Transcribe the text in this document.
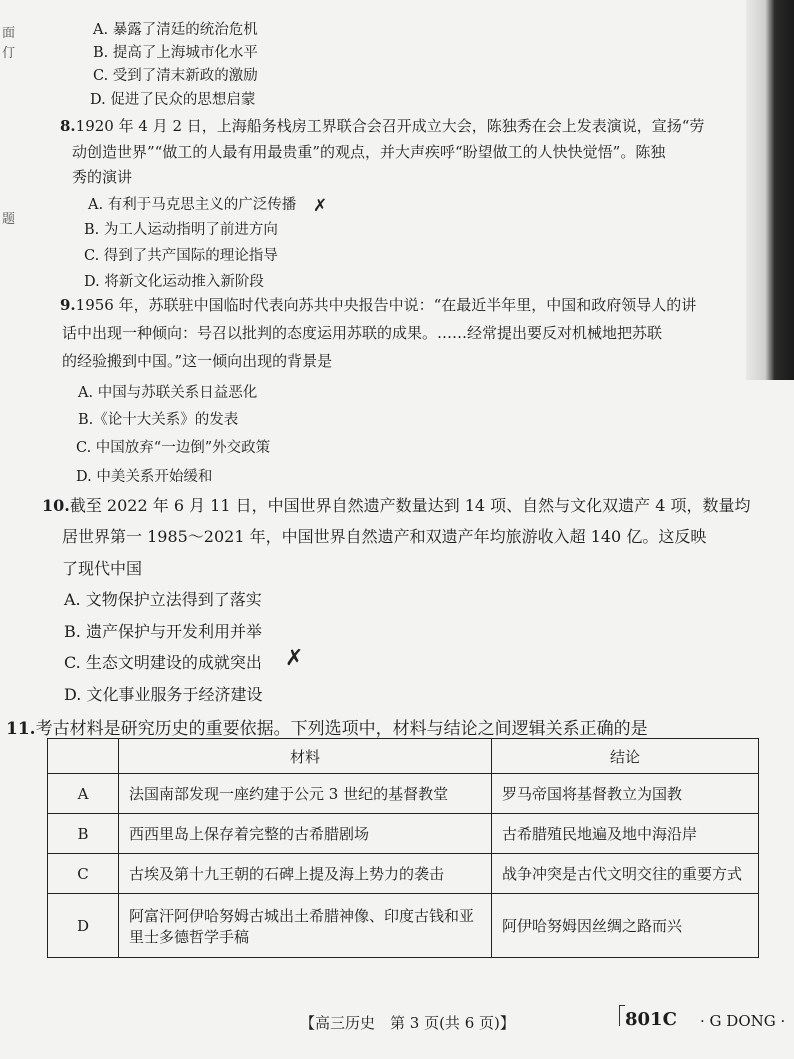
面
仃
题
A. 暴露了清廷的统治危机
B. 提高了上海城市化水平
C. 受到了清末新政的激励
D. 促进了民众的思想启蒙
8.1920 年 4 月 2 日，上海船务栈房工界联合会召开成立大会，陈独秀在会上发表演说，宣扬“劳
动创造世界”“做工的人最有用最贵重”的观点，并大声疾呼“盼望做工的人快快觉悟”。陈独
秀的演讲
A. 有利于马克思主义的广泛传播
B. 为工人运动指明了前进方向
C. 得到了共产国际的理论指导
D. 将新文化运动推入新阶段
9.1956 年，苏联驻中国临时代表向苏共中央报告中说：“在最近半年里，中国和政府领导人的讲
话中出现一种倾向：号召以批判的态度运用苏联的成果。……经常提出要反对机械地把苏联
的经验搬到中国。”这一倾向出现的背景是
A. 中国与苏联关系日益恶化
B.《论十大关系》的发表
C. 中国放弃“一边倒”外交政策
D. 中美关系开始缓和
10.截至 2022 年 6 月 11 日，中国世界自然遗产数量达到 14 项、自然与文化双遗产 4 项，数量均
居世界第一 1985～2021 年，中国世界自然遗产和双遗产年均旅游收入超 140 亿。这反映
了现代中国
A. 文物保护立法得到了落实
B. 遗产保护与开发利用并举
C. 生态文明建设的成就突出
D. 文化事业服务于经济建设
✗
✗
11.考古材料是研究历史的重要依据。下列选项中，材料与结论之间逻辑关系正确的是
	材料	结论
A	法国南部发现一座约建于公元 3 世纪的基督教堂	罗马帝国将基督教立为国教
B	西西里岛上保存着完整的古希腊剧场	古希腊殖民地遍及地中海沿岸
C	古埃及第十九王朝的石碑上提及海上势力的袭击	战争冲突是古代文明交往的重要方式
D	阿富汗阿伊哈努姆古城出土希腊神像、印度古钱和亚里士多德哲学手稿	阿伊哈努姆因丝绸之路而兴
【高三历史　第 3 页(共 6 页)】	801C · G DONG ·
